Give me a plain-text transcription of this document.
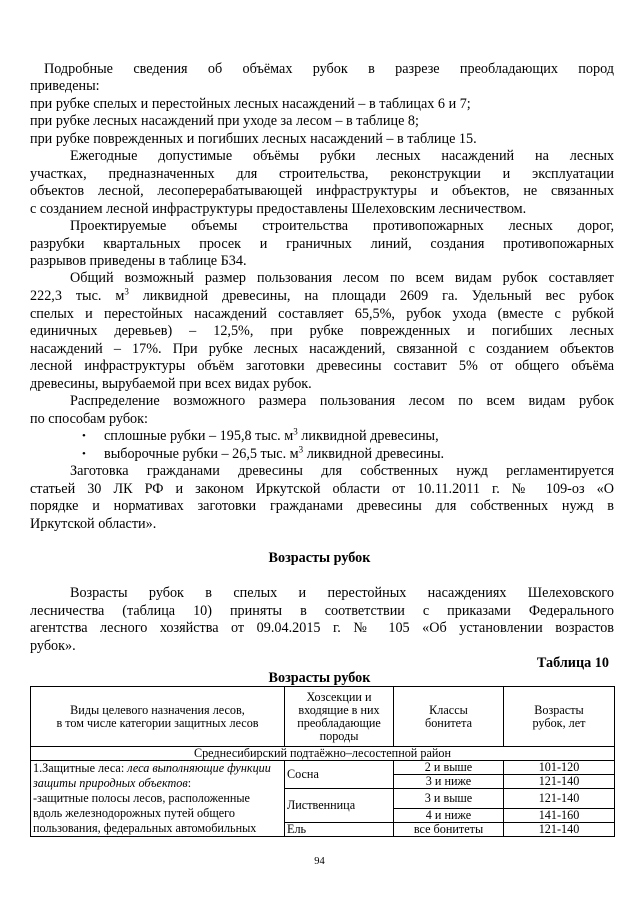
Подробные сведения об объёмах рубок в разрезе преобладающих пород
приведены:
при рубке спелых и перестойных лесных насаждений – в таблицах 6 и 7;
при рубке лесных насаждений при уходе за лесом – в таблице 8;
при рубке поврежденных и погибших лесных насаждений – в таблице 15.
Ежегодные допустимые объёмы рубки лесных насаждений на лесных
участках, предназначенных для строительства, реконструкции и эксплуатации
объектов лесной, лесоперерабатывающей инфраструктуры и объектов, не связанных
с созданием лесной инфраструктуры предоставлены Шелеховским лесничеством.
Проектируемые объемы строительства противопожарных лесных дорог,
разрубки квартальных просек и граничных линий, создания противопожарных
разрывов приведены в таблице Б34.
Общий возможный размер пользования лесом по всем видам рубок составляет
222,3 тыс. $м^3$ ликвидной древесины, на площади 2609 га. Удельный вес рубок
спелых и перестойных насаждений составляет 65,5%, рубок ухода (вместе с рубкой
единичных деревьев) – 12,5%, при рубке поврежденных и погибших лесных
насаждений – 17%. При рубке лесных насаждений, связанной с созданием объектов
лесной инфраструктуры объём заготовки древесины составит 5% от общего объёма
древесины, вырубаемой при всех видах рубок.
Распределение возможного размера пользования лесом по всем видам рубок
по способам рубок:
• сплошные рубки – 195,8 тыс. $м^3$ ликвидной древесины,
• выборочные рубки – 26,5 тыс. $м^3$ ликвидной древесины.
Заготовка гражданами древесины для собственных нужд регламентируется
статьей 30 ЛК РФ и законом Иркутской области от 10.11.2011 г. № 109-оз «О
порядке и нормативах заготовки гражданами древесины для собственных нужд в
Иркутской области».
Возрасты рубок
Возрасты рубок в спелых и перестойных насаждениях Шелеховского
лесничества (таблица 10) приняты в соответствии с приказами Федерального
агентства лесного хозяйства от 09.04.2015 г. № 105 «Об установлении возрастов
рубок».
Таблица 10
Возрасты рубок
Виды целевого назначения лесов,
в том числе категории защитных лесов	Хозсекции и
входящие в них
преобладающие
породы	Классы
бонитета	Возрасты
рубок, лет
Среднесибирский подтаёжно–лесостепной район			
1.Защитные леса: леса выполняющие функции защиты природных объектов:
-защитные полосы лесов, расположенные вдоль железнодорожных путей общего пользования, федеральных автомобильных	Сосна	2 и выше	101-120
		3 и ниже	121-140
	Лиственница	3 и выше	121-140
		4 и ниже	141-160
	Ель	все бонитеты	121-140
94
